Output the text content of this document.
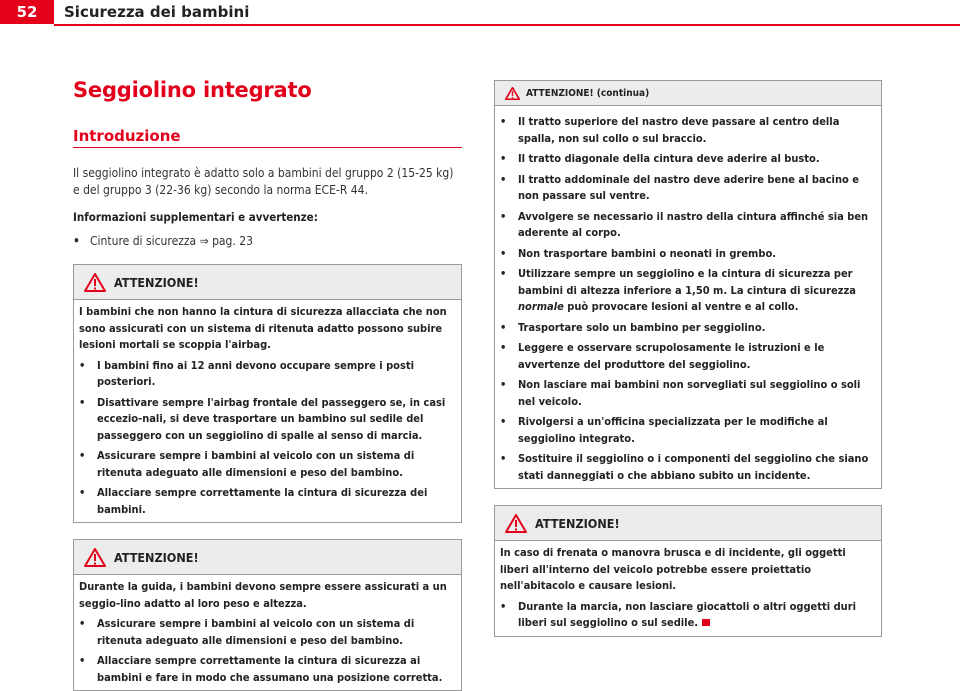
52	Sicurezza dei bambini
Seggiolino integrato
Introduzione

Il seggiolino integrato è adatto solo a bambini del gruppo 2 (15-25 kg) e del gruppo 3 (22-36 kg) secondo la norma ECE-R 44.

Informazioni supplementari e avvertenze:

• Cinture di sicurezza ⇒ pag. 23
ATTENZIONE!

I bambini che non hanno la cintura di sicurezza allacciata che non sono assicurati con un sistema di ritenuta adatto possono subire lesioni mortali se scoppia l'airbag.

•	I bambini fino ai 12 anni devono occupare sempre i posti posteriori.
•	Disattivare sempre l'airbag frontale del passeggero se, in casi eccezio-nali, si deve trasportare un bambino sul sedile del passeggero con un seggiolino di spalle al senso di marcia.
•	Assicurare sempre i bambini al veicolo con un sistema di ritenuta adeguato alle dimensioni e peso del bambino.
•	Allacciare sempre correttamente la cintura di sicurezza dei bambini.
ATTENZIONE!

Durante la guida, i bambini devono sempre essere assicurati a un seggio-lino adatto al loro peso e altezza.

•	Assicurare sempre i bambini al veicolo con un sistema di ritenuta adeguato alle dimensioni e peso del bambino.
•	Allacciare sempre correttamente la cintura di sicurezza ai bambini e fare in modo che assumano una posizione corretta.
ATTENZIONE! (continua)
•	Il tratto superiore del nastro deve passare al centro della spalla, non sul collo o sul braccio.
•	Il tratto diagonale della cintura deve aderire al busto.
•	Il tratto addominale del nastro deve aderire bene al bacino e non passare sul ventre.
•	Avvolgere se necessario il nastro della cintura affinché sia ben aderente al corpo.
•	Non trasportare bambini o neonati in grembo.
•	Utilizzare sempre un seggiolino e la cintura di sicurezza per bambini di altezza inferiore a 1,50 m. La cintura di sicurezza normale può provocare lesioni al ventre e al collo.
•	Trasportare solo un bambino per seggiolino.
•	Leggere e osservare scrupolosamente le istruzioni e le avvertenze del produttore del seggiolino.
•	Non lasciare mai bambini non sorvegliati sul seggiolino o soli nel veicolo.
•	Rivolgersi a un'officina specializzata per le modifiche al seggiolino integrato.
•	Sostituire il seggiolino o i componenti del seggiolino che siano stati danneggiati o che abbiano subito un incidente.
ATTENZIONE!

In caso di frenata o manovra brusca e di incidente, gli oggetti liberi all'interno del veicolo potrebbe essere proiettatio nell'abitacolo e causare lesioni.

•	Durante la marcia, non lasciare giocattoli o altri oggetti duri liberi sul seggiolino o sul sedile.
